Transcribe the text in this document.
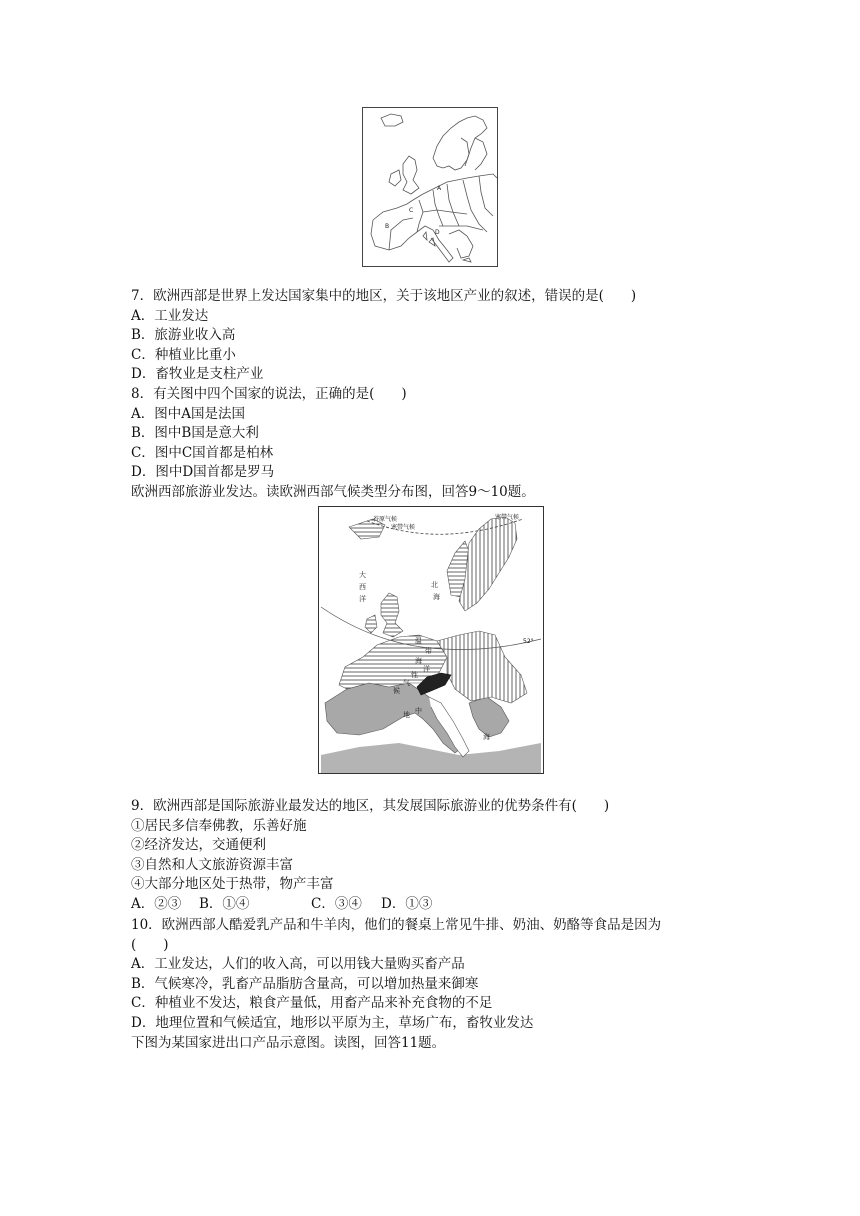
A
B
C
D
7．欧洲西部是世界上发达国家集中的地区，关于该地区产业的叙述，错误的是(　　)
A．工业发达
B．旅游业收入高
C．种植业比重小
D．畜牧业是支柱产业
8．有关图中四个国家的说法，正确的是(　　)
A．图中A国是法国
B．图中B国是意大利
C．图中C国首都是柏林
D．图中D国首都是罗马
欧洲西部旅游业发达。读欧洲西部气候类型分布图，回答9～10题。
苔原气候
寒带气候
寒带气候
52°
北
海
大
西
洋
温
带
海
洋
性
气
候
地 中
海
9．欧洲西部是国际旅游业最发达的地区，其发展国际旅游业的优势条件有(　　)
①居民多信奉佛教，乐善好施
②经济发达，交通便利
③自然和人文旅游资源丰富
④大部分地区处于热带，物产丰富
A．②③ B．①④	C．③④ D．①③
10．欧洲西部人酷爱乳产品和牛羊肉，他们的餐桌上常见牛排、奶油、奶酪等食品是因为
(　　)
A．工业发达，人们的收入高，可以用钱大量购买畜产品
B．气候寒冷，乳畜产品脂肪含量高，可以增加热量来御寒
C．种植业不发达，粮食产量低，用畜产品来补充食物的不足
D．地理位置和气候适宜，地形以平原为主，草场广布，畜牧业发达
下图为某国家进出口产品示意图。读图，回答11题。
